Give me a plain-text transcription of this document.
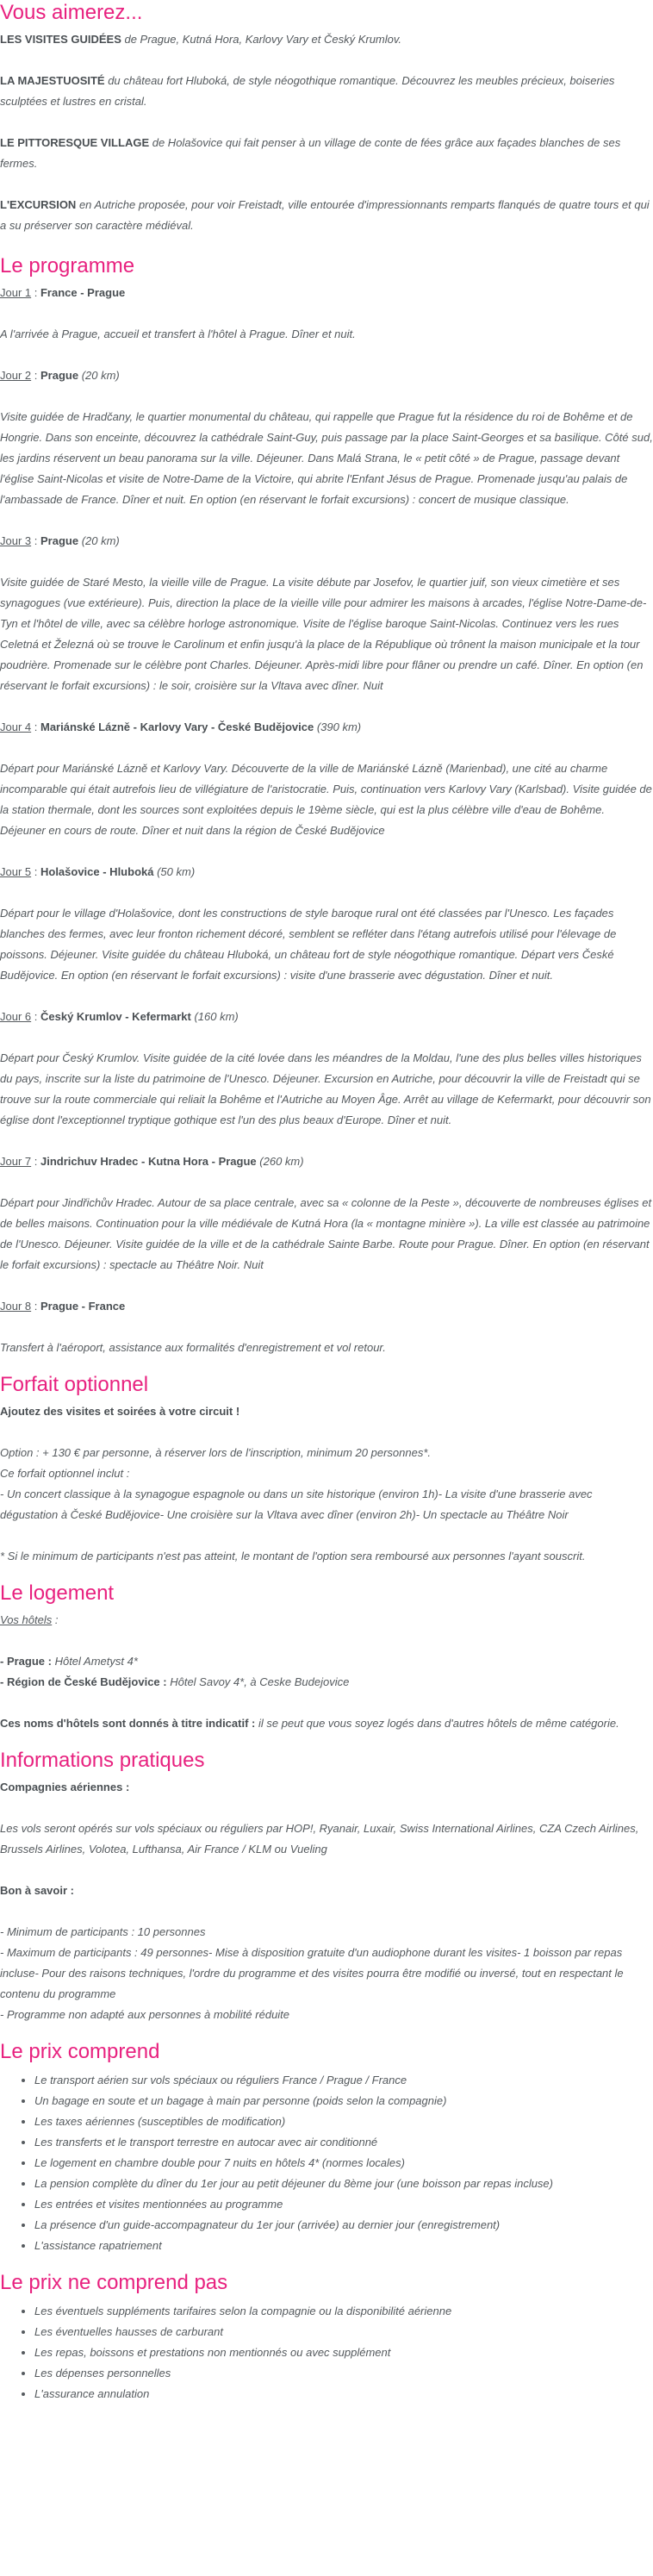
Vous aimerez...

LES VISITES GUIDÉES de Prague, Kutná Hora, Karlovy Vary et Český Krumlov.

LA MAJESTUOSITÉ du château fort Hluboká, de style néogothique romantique. Découvrez les meubles précieux, boiseries sculptées et lustres en cristal.

LE PITTORESQUE VILLAGE de Holašovice qui fait penser à un village de conte de fées grâce aux façades blanches de ses fermes.

L'EXCURSION en Autriche proposée, pour voir Freistadt, ville entourée d'impressionnants remparts flanqués de quatre tours et qui a su préserver son caractère médiéval.

Le programme

Jour 1 : France - Prague

A l'arrivée à Prague, accueil et transfert à l'hôtel à Prague. Dîner et nuit.

Jour 2 : Prague (20 km)

Visite guidée de Hradčany, le quartier monumental du château, qui rappelle que Prague fut la résidence du roi de Bohême et de Hongrie. Dans son enceinte, découvrez la cathédrale Saint-Guy, puis passage par la place Saint-Georges et sa basilique. Côté sud, les jardins réservent un beau panorama sur la ville. Déjeuner. Dans Malá Strana, le « petit côté » de Prague, passage devant l'église Saint-Nicolas et visite de Notre-Dame de la Victoire, qui abrite l'Enfant Jésus de Prague. Promenade jusqu'au palais de l'ambassade de France. Dîner et nuit. En option (en réservant le forfait excursions) : concert de musique classique.

Jour 3 : Prague (20 km)

Visite guidée de Staré Mesto, la vieille ville de Prague. La visite débute par Josefov, le quartier juif, son vieux cimetière et ses synagogues (vue extérieure). Puis, direction la place de la vieille ville pour admirer les maisons à arcades, l'église Notre-Dame-de-Tyn et l'hôtel de ville, avec sa célèbre horloge astronomique. Visite de l'église baroque Saint-Nicolas. Continuez vers les rues Celetná et Železná où se trouve le Carolinum et enfin jusqu'à la place de la République où trônent la maison municipale et la tour poudrière. Promenade sur le célèbre pont Charles. Déjeuner. Après-midi libre pour flâner ou prendre un café. Dîner. En option (en réservant le forfait excursions) : le soir, croisière sur la Vltava avec dîner. Nuit

Jour 4 : Mariánské Lázně - Karlovy Vary - České Budějovice (390 km)

Départ pour Mariánské Lázně et Karlovy Vary. Découverte de la ville de Mariánské Lázně (Marienbad), une cité au charme incomparable qui était autrefois lieu de villégiature de l'aristocratie. Puis, continuation vers Karlovy Vary (Karlsbad). Visite guidée de la station thermale, dont les sources sont exploitées depuis le 19ème siècle, qui est la plus célèbre ville d'eau de Bohême. Déjeuner en cours de route. Dîner et nuit dans la région de České Budějovice

Jour 5 : Holašovice - Hluboká (50 km)

Départ pour le village d'Holašovice, dont les constructions de style baroque rural ont été classées par l'Unesco. Les façades blanches des fermes, avec leur fronton richement décoré, semblent se refléter dans l'étang autrefois utilisé pour l'élevage de poissons. Déjeuner. Visite guidée du château Hluboká, un château fort de style néogothique romantique. Départ vers České Budějovice. En option (en réservant le forfait excursions) : visite d'une brasserie avec dégustation. Dîner et nuit.

Jour 6 : Český Krumlov - Kefermarkt (160 km)

Départ pour Český Krumlov. Visite guidée de la cité lovée dans les méandres de la Moldau, l'une des plus belles villes historiques du pays, inscrite sur la liste du patrimoine de l'Unesco. Déjeuner. Excursion en Autriche, pour découvrir la ville de Freistadt qui se trouve sur la route commerciale qui reliait la Bohême et l'Autriche au Moyen Âge. Arrêt au village de Kefermarkt, pour découvrir son église dont l'exceptionnel tryptique gothique est l'un des plus beaux d'Europe. Dîner et nuit.

Jour 7 : Jindrichuv Hradec - Kutna Hora - Prague (260 km)

Départ pour Jindřichův Hradec. Autour de sa place centrale, avec sa « colonne de la Peste », découverte de nombreuses églises et de belles maisons. Continuation pour la ville médiévale de Kutná Hora (la « montagne minière »). La ville est classée au patrimoine de l'Unesco. Déjeuner. Visite guidée de la ville et de la cathédrale Sainte Barbe. Route pour Prague. Dîner. En option (en réservant le forfait excursions) : spectacle au Théâtre Noir. Nuit

Jour 8 : Prague - France

Transfert à l'aéroport, assistance aux formalités d'enregistrement et vol retour.

Forfait optionnel

Ajoutez des visites et soirées à votre circuit !

Option : + 130 € par personne, à réserver lors de l'inscription, minimum 20 personnes*.

Ce forfait optionnel inclut :

- Un concert classique à la synagogue espagnole ou dans un site historique (environ 1h)- La visite d'une brasserie avec dégustation à České Budějovice- Une croisière sur la Vltava avec dîner (environ 2h)- Un spectacle au Théâtre Noir

* Si le minimum de participants n'est pas atteint, le montant de l'option sera remboursé aux personnes l'ayant souscrit.

Le logement

Vos hôtels :

- Prague : Hôtel Ametyst 4*

- Région de České Budějovice : Hôtel Savoy 4*, à Ceske Budejovice

Ces noms d'hôtels sont donnés à titre indicatif : il se peut que vous soyez logés dans d'autres hôtels de même catégorie.

Informations pratiques

Compagnies aériennes :

Les vols seront opérés sur vols spéciaux ou réguliers par HOP!, Ryanair, Luxair, Swiss International Airlines, CZA Czech Airlines, Brussels Airlines, Volotea, Lufthansa, Air France / KLM ou Vueling

Bon à savoir :

- Minimum de participants : 10 personnes

- Maximum de participants : 49 personnes- Mise à disposition gratuite d'un audiophone durant les visites- 1 boisson par repas incluse- Pour des raisons techniques, l'ordre du programme et des visites pourra être modifié ou inversé, tout en respectant le contenu du programme

- Programme non adapté aux personnes à mobilité réduite

Le prix comprend
• Le transport aérien sur vols spéciaux ou réguliers France / Prague / France
• Un bagage en soute et un bagage à main par personne (poids selon la compagnie)
• Les taxes aériennes (susceptibles de modification)
• Les transferts et le transport terrestre en autocar avec air conditionné
• Le logement en chambre double pour 7 nuits en hôtels 4* (normes locales)
• La pension complète du dîner du 1er jour au petit déjeuner du 8ème jour (une boisson par repas incluse)
• Les entrées et visites mentionnées au programme
• La présence d'un guide-accompagnateur du 1er jour (arrivée) au dernier jour (enregistrement)
• L'assistance rapatriement
Le prix ne comprend pas
• Les éventuels suppléments tarifaires selon la compagnie ou la disponibilité aérienne
• Les éventuelles hausses de carburant
• Les repas, boissons et prestations non mentionnés ou avec supplément
• Les dépenses personnelles
• L'assurance annulation
